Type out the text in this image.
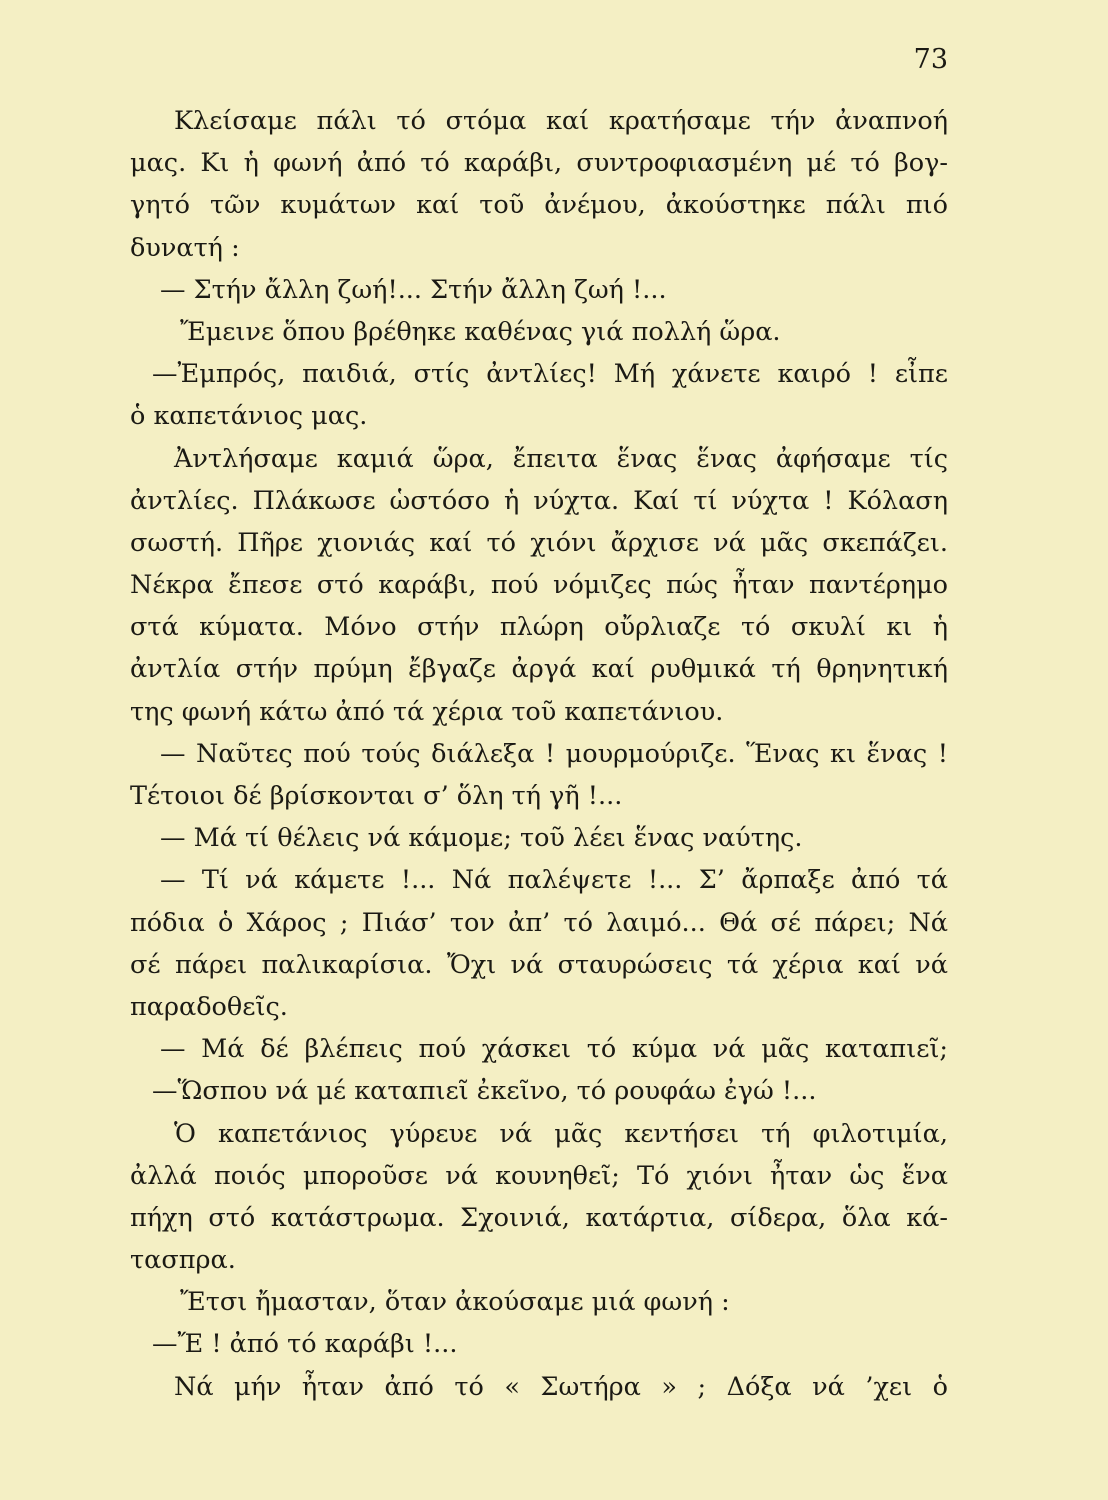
73
Κλείσαμε πάλι τό στόμα καί κρατήσαμε τήν ἀναπνοή
μας. Κι ἡ φωνή ἀπό τό καράβι, συντροφιασμένη μέ τό βογ-
γητό τῶν κυμάτων καί τοῦ ἀνέμου, ἀκούστηκε πάλι πιό
δυνατή :
— Στήν ἄλλη ζωή!... Στήν ἄλλη ζωή !...
Ἔμεινε ὅπου βρέθηκε καθένας γιά πολλή ὥρα.
—Ἐμπρός, παιδιά, στίς ἀντλίες! Μή χάνετε καιρό ! εἶπε
ὁ καπετάνιος μας.
Ἀντλήσαμε καμιά ὥρα, ἔπειτα ἕνας ἕνας ἀφήσαμε τίς
ἀντλίες. Πλάκωσε ὡστόσο ἡ νύχτα. Καί τί νύχτα ! Κόλαση
σωστή. Πῆρε χιονιάς καί τό χιόνι ἄρχισε νά μᾶς σκεπάζει.
Νέκρα ἔπεσε στό καράβι, πού νόμιζες πώς ἦταν παντέρημο
στά κύματα. Μόνο στήν πλώρη οὔρλιαζε τό σκυλί κι ἡ
ἀντλία στήν πρύμη ἔβγαζε ἀργά καί ρυθμικά τή θρηνητική
της φωνή κάτω ἀπό τά χέρια τοῦ καπετάνιου.
— Ναῦτες πού τούς διάλεξα ! μουρμούριζε. Ἕνας κι ἕνας !
Τέτοιοι δέ βρίσκονται σ’ ὅλη τή γῆ !...
— Μά τί θέλεις νά κάμομε; τοῦ λέει ἕνας ναύτης.
— Τί νά κάμετε !... Νά παλέψετε !... Σ’ ἄρπαξε ἀπό τά
πόδια ὁ Χάρος ; Πιάσ’ τον ἀπ’ τό λαιμό... Θά σέ πάρει; Νά
σέ πάρει παλικαρίσια. Ὄχι νά σταυρώσεις τά χέρια καί νά
παραδοθεῖς.
— Μά δέ βλέπεις πού χάσκει τό κύμα νά μᾶς καταπιεῖ;
—Ὥσπου νά μέ καταπιεῖ ἐκεῖνο, τό ρουφάω ἐγώ !...
Ὁ καπετάνιος γύρευε νά μᾶς κεντήσει τή φιλοτιμία,
ἀλλά ποιός μποροῦσε νά κουνηθεῖ; Τό χιόνι ἦταν ὡς ἕνα
πήχη στό κατάστρωμα. Σχοινιά, κατάρτια, σίδερα, ὅλα κά-
τασπρα.
Ἔτσι ἤμασταν, ὅταν ἀκούσαμε μιά φωνή :
—Ἔ ! ἀπό τό καράβι !...
Νά μήν ἦταν ἀπό τό « Σωτήρα » ; Δόξα νά ’χει ὁ
